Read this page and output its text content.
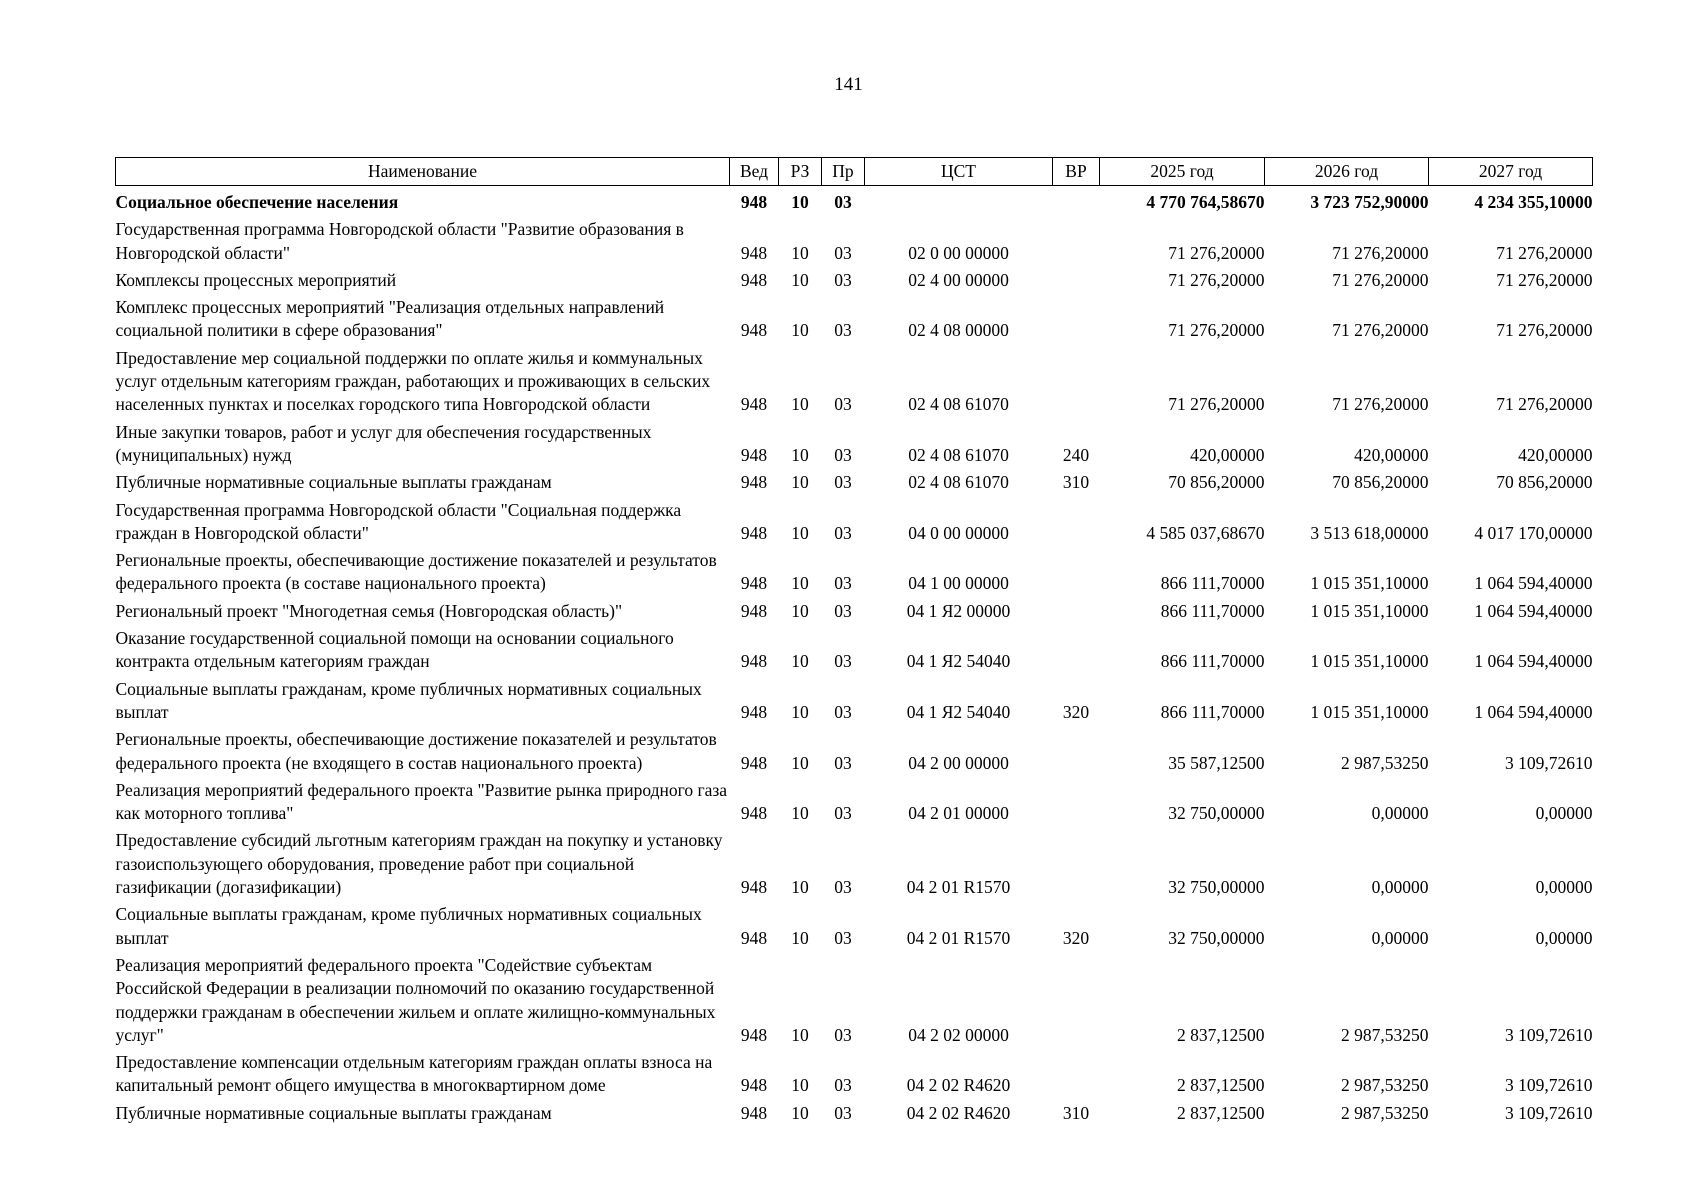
141
Наименование	Вед	РЗ	Пр	ЦСТ	ВР	2025 год	2026 год	2027 год
Социальное обеспечение населения	948	10	03			4 770 764,58670	3 723 752,90000	4 234 355,10000
Государственная программа Новгородской области "Развитие образования в Новгородской области"	948	10	03	02 0 00 00000		71 276,20000	71 276,20000	71 276,20000
Комплексы процессных мероприятий	948	10	03	02 4 00 00000		71 276,20000	71 276,20000	71 276,20000
Комплекс процессных мероприятий "Реализация отдельных направлений социальной политики в сфере образования"	948	10	03	02 4 08 00000		71 276,20000	71 276,20000	71 276,20000
Предоставление мер социальной поддержки по оплате жилья и коммунальных услуг отдельным категориям граждан, работающих и проживающих в сельских населенных пунктах и поселках городского типа Новгородской области	948	10	03	02 4 08 61070		71 276,20000	71 276,20000	71 276,20000
Иные закупки товаров, работ и услуг для обеспечения государственных (муниципальных) нужд	948	10	03	02 4 08 61070	240	420,00000	420,00000	420,00000
Публичные нормативные социальные выплаты гражданам	948	10	03	02 4 08 61070	310	70 856,20000	70 856,20000	70 856,20000
Государственная программа Новгородской области "Социальная поддержка граждан в Новгородской области"	948	10	03	04 0 00 00000		4 585 037,68670	3 513 618,00000	4 017 170,00000
Региональные проекты, обеспечивающие достижение показателей и результатов федерального проекта (в составе национального проекта)	948	10	03	04 1 00 00000		866 111,70000	1 015 351,10000	1 064 594,40000
Региональный проект "Многодетная семья (Новгородская область)"	948	10	03	04 1 Я2 00000		866 111,70000	1 015 351,10000	1 064 594,40000
Оказание государственной социальной помощи на основании социального контракта отдельным категориям граждан	948	10	03	04 1 Я2 54040		866 111,70000	1 015 351,10000	1 064 594,40000
Социальные выплаты гражданам, кроме публичных нормативных социальных выплат	948	10	03	04 1 Я2 54040	320	866 111,70000	1 015 351,10000	1 064 594,40000
Региональные проекты, обеспечивающие достижение показателей и результатов федерального проекта (не входящего в состав национального проекта)	948	10	03	04 2 00 00000		35 587,12500	2 987,53250	3 109,72610
Реализация мероприятий федерального проекта "Развитие рынка природного газа как моторного топлива"	948	10	03	04 2 01 00000		32 750,00000	0,00000	0,00000
Предоставление субсидий льготным категориям граждан на покупку и установку газоиспользующего оборудования, проведение работ при социальной газификации (догазификации)	948	10	03	04 2 01 R1570		32 750,00000	0,00000	0,00000
Социальные выплаты гражданам, кроме публичных нормативных социальных выплат	948	10	03	04 2 01 R1570	320	32 750,00000	0,00000	0,00000
Реализация мероприятий федерального проекта "Содействие субъектам Российской Федерации в реализации полномочий по оказанию государственной поддержки гражданам в обеспечении жильем и оплате жилищно-коммунальных услуг"	948	10	03	04 2 02 00000		2 837,12500	2 987,53250	3 109,72610
Предоставление компенсации отдельным категориям граждан оплаты взноса на капитальный ремонт общего имущества в многоквартирном доме	948	10	03	04 2 02 R4620		2 837,12500	2 987,53250	3 109,72610
Публичные нормативные социальные выплаты гражданам	948	10	03	04 2 02 R4620	310	2 837,12500	2 987,53250	3 109,72610
